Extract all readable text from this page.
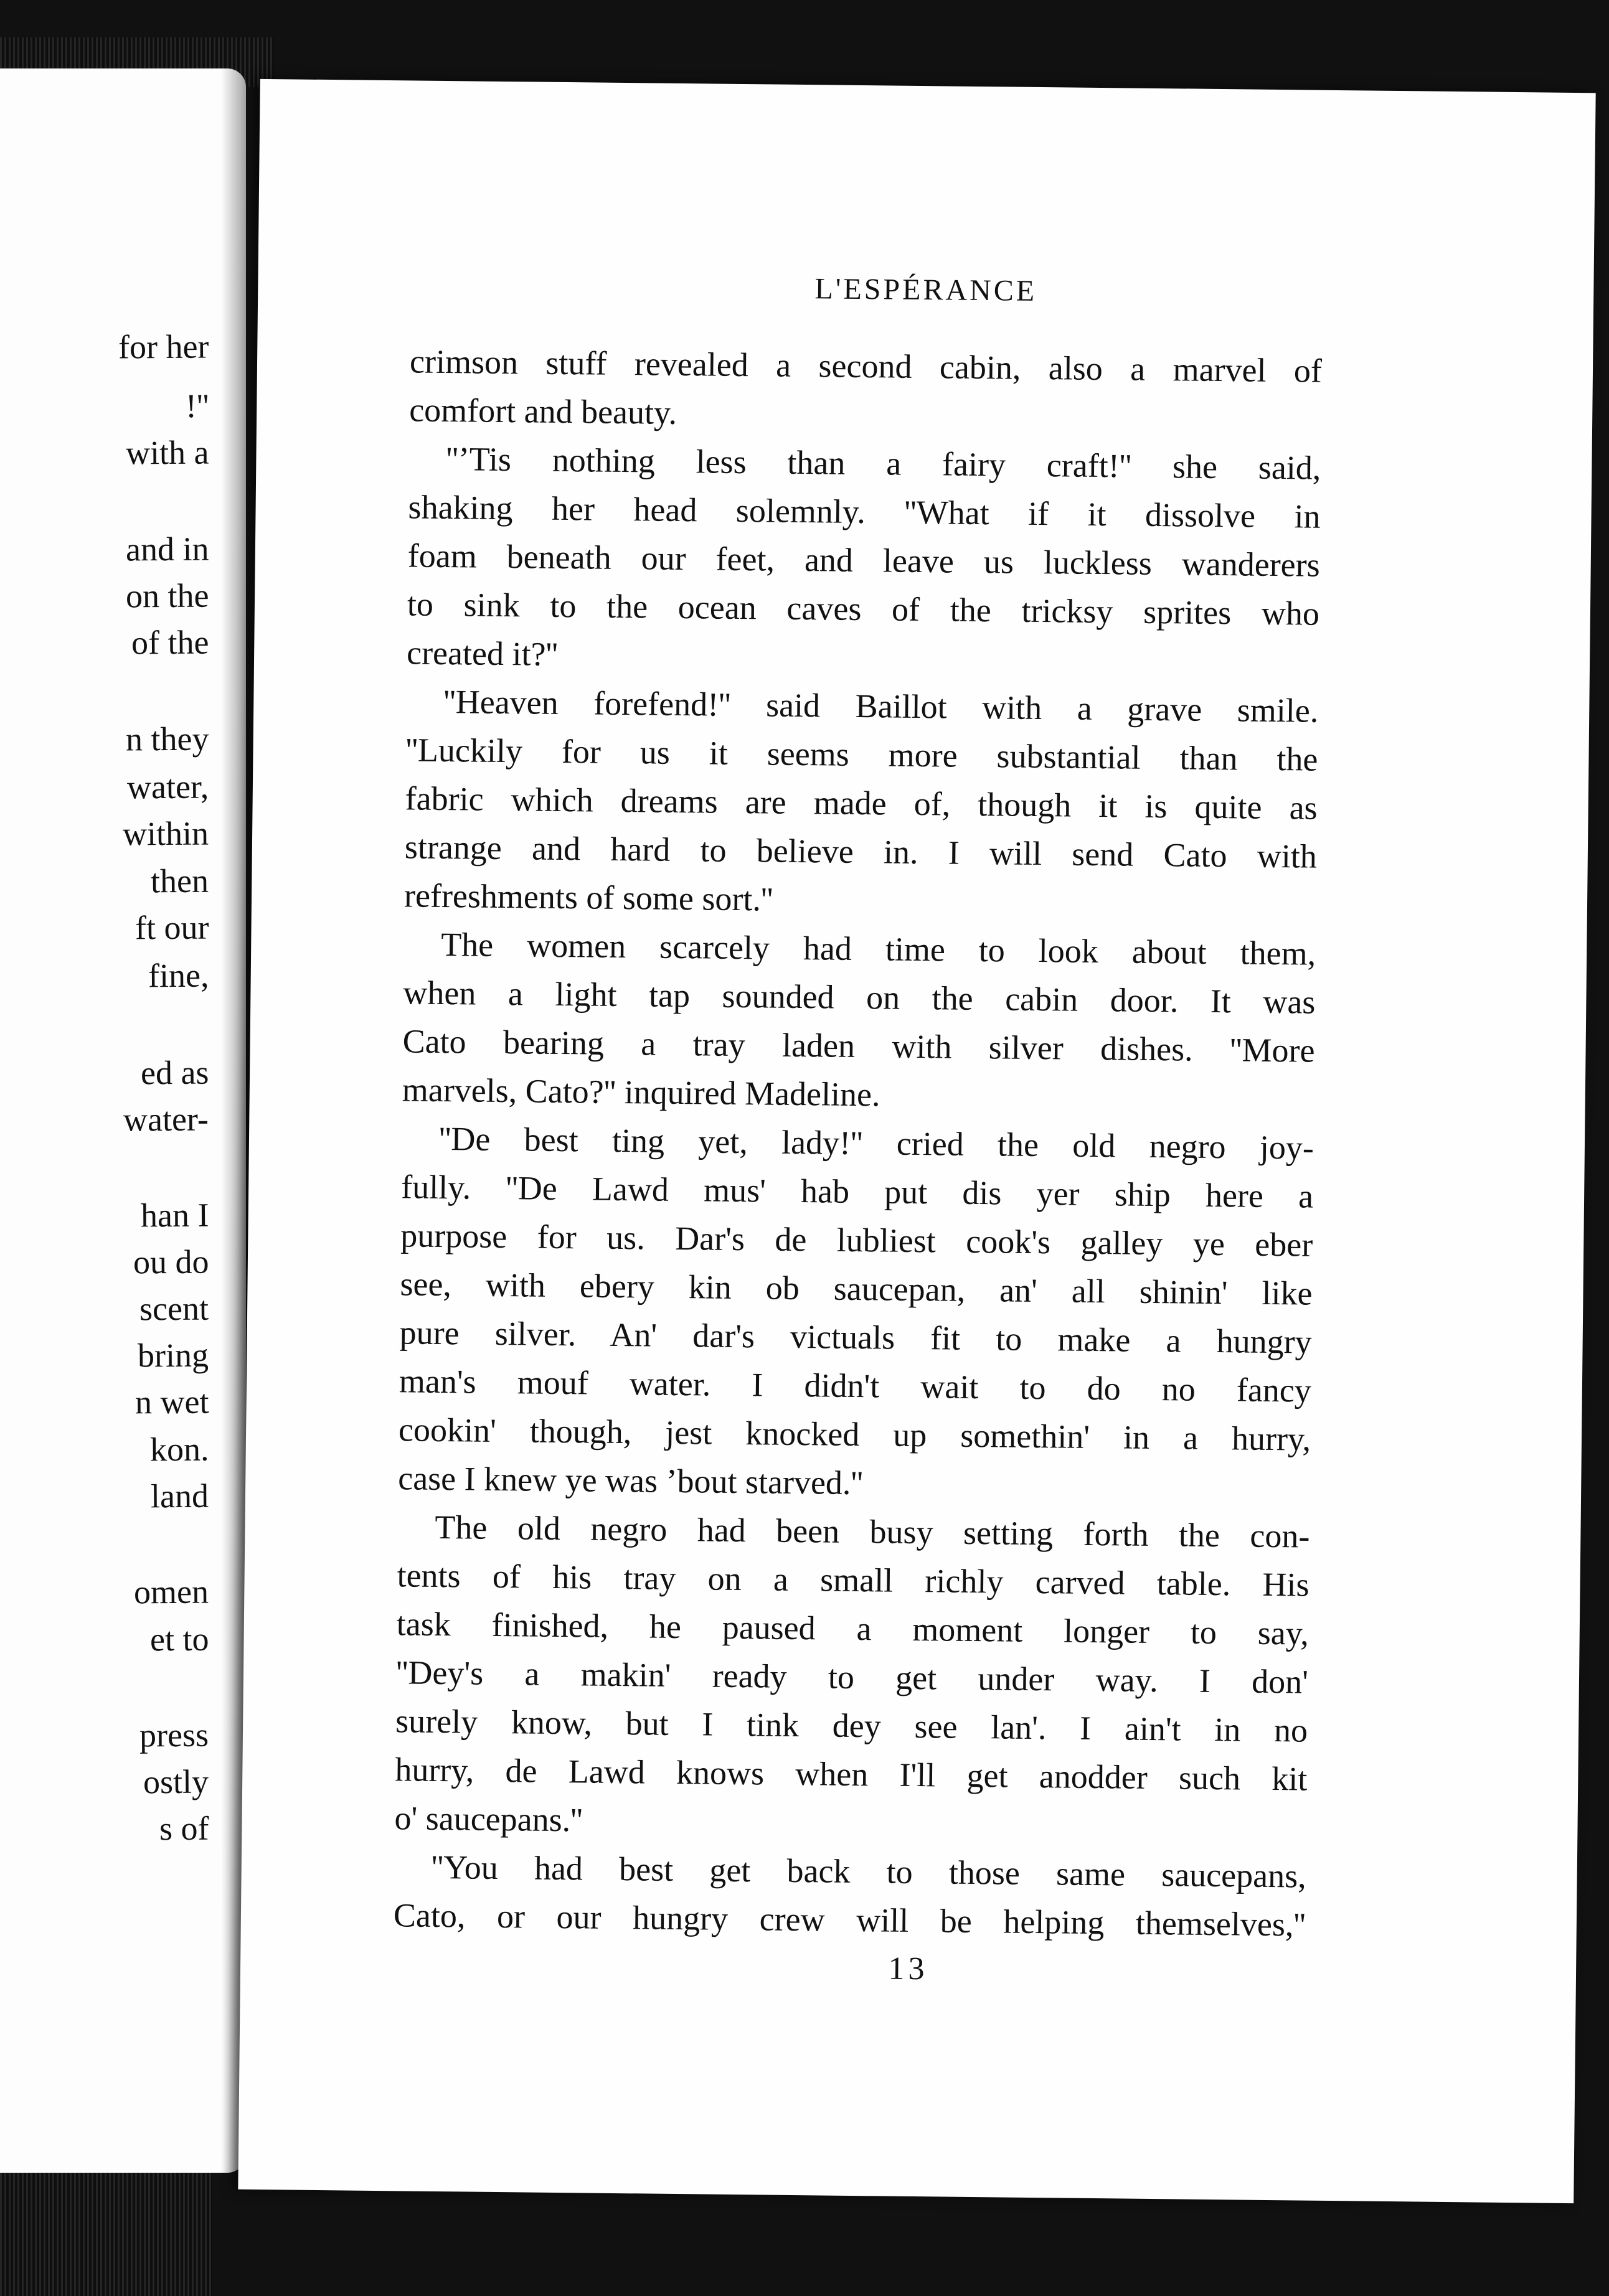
for her
!''
with a
and in
on the
of the
n they
water,
within
then
ft our
fine,
ed as
water-
han I
ou do
scent
bring
n wet
kon.
land
omen
et to
press
ostly
s of
L'ESPÉRANCE
crimson stuff revealed a second cabin, also a marvel of
comfort and beauty.
''’Tis nothing less than a fairy craft!'' she said,
shaking her head solemnly. ''What if it dissolve in
foam beneath our feet, and leave us luckless wanderers
to sink to the ocean caves of the tricksy sprites who
created it?''
''Heaven forefend!'' said Baillot with a grave smile.
''Luckily for us it seems more substantial than the
fabric which dreams are made of, though it is quite as
strange and hard to believe in. I will send Cato with
refreshments of some sort.''
The women scarcely had time to look about them,
when a light tap sounded on the cabin door. It was
Cato bearing a tray laden with silver dishes. ''More
marvels, Cato?'' inquired Madeline.
''De best ting yet, lady!'' cried the old negro joy-
fully. ''De Lawd mus' hab put dis yer ship here a
purpose for us. Dar's de lubliest cook's galley ye eber
see, with ebery kin ob saucepan, an' all shinin' like
pure silver. An' dar's victuals fit to make a hungry
man's mouf water. I didn't wait to do no fancy
cookin' though, jest knocked up somethin' in a hurry,
case I knew ye was ’bout starved.''
The old negro had been busy setting forth the con-
tents of his tray on a small richly carved table. His
task finished, he paused a moment longer to say,
''Dey's a makin' ready to get under way. I don'
surely know, but I tink dey see lan'. I ain't in no
hurry, de Lawd knows when I'll get anodder such kit
o' saucepans.''
''You had best get back to those same saucepans,
Cato, or our hungry crew will be helping themselves,''
13
